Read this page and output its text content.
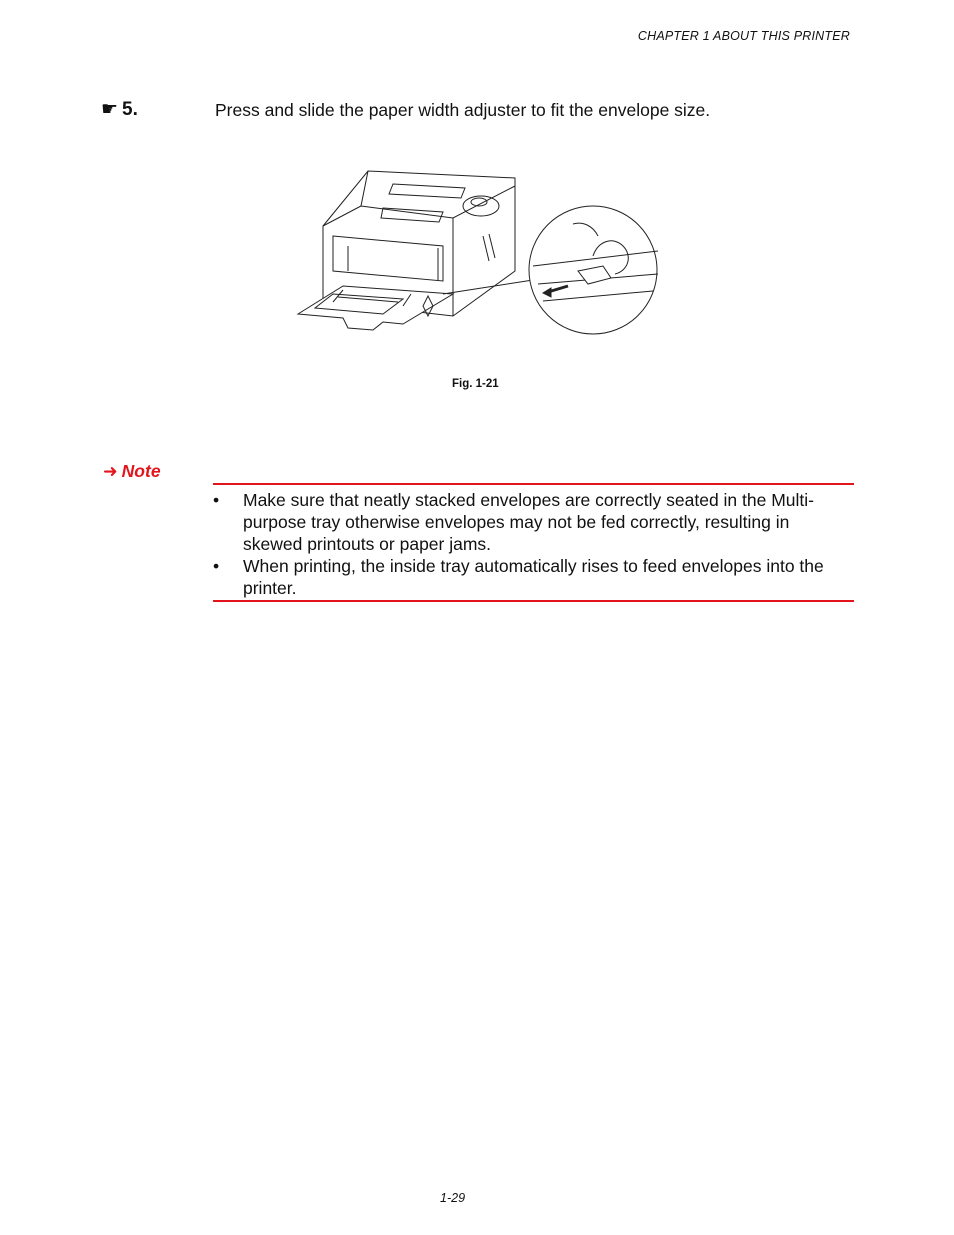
CHAPTER 1 ABOUT THIS PRINTER
☛ 5.	Press and slide the paper width adjuster to fit the envelope size.
Fig. 1-21
➜ Note
• Make sure that neatly stacked envelopes are correctly seated in the Multi-purpose tray otherwise envelopes may not be fed correctly, resulting in skewed printouts or paper jams.
• When printing, the inside tray automatically rises to feed envelopes into the printer.
1-29
